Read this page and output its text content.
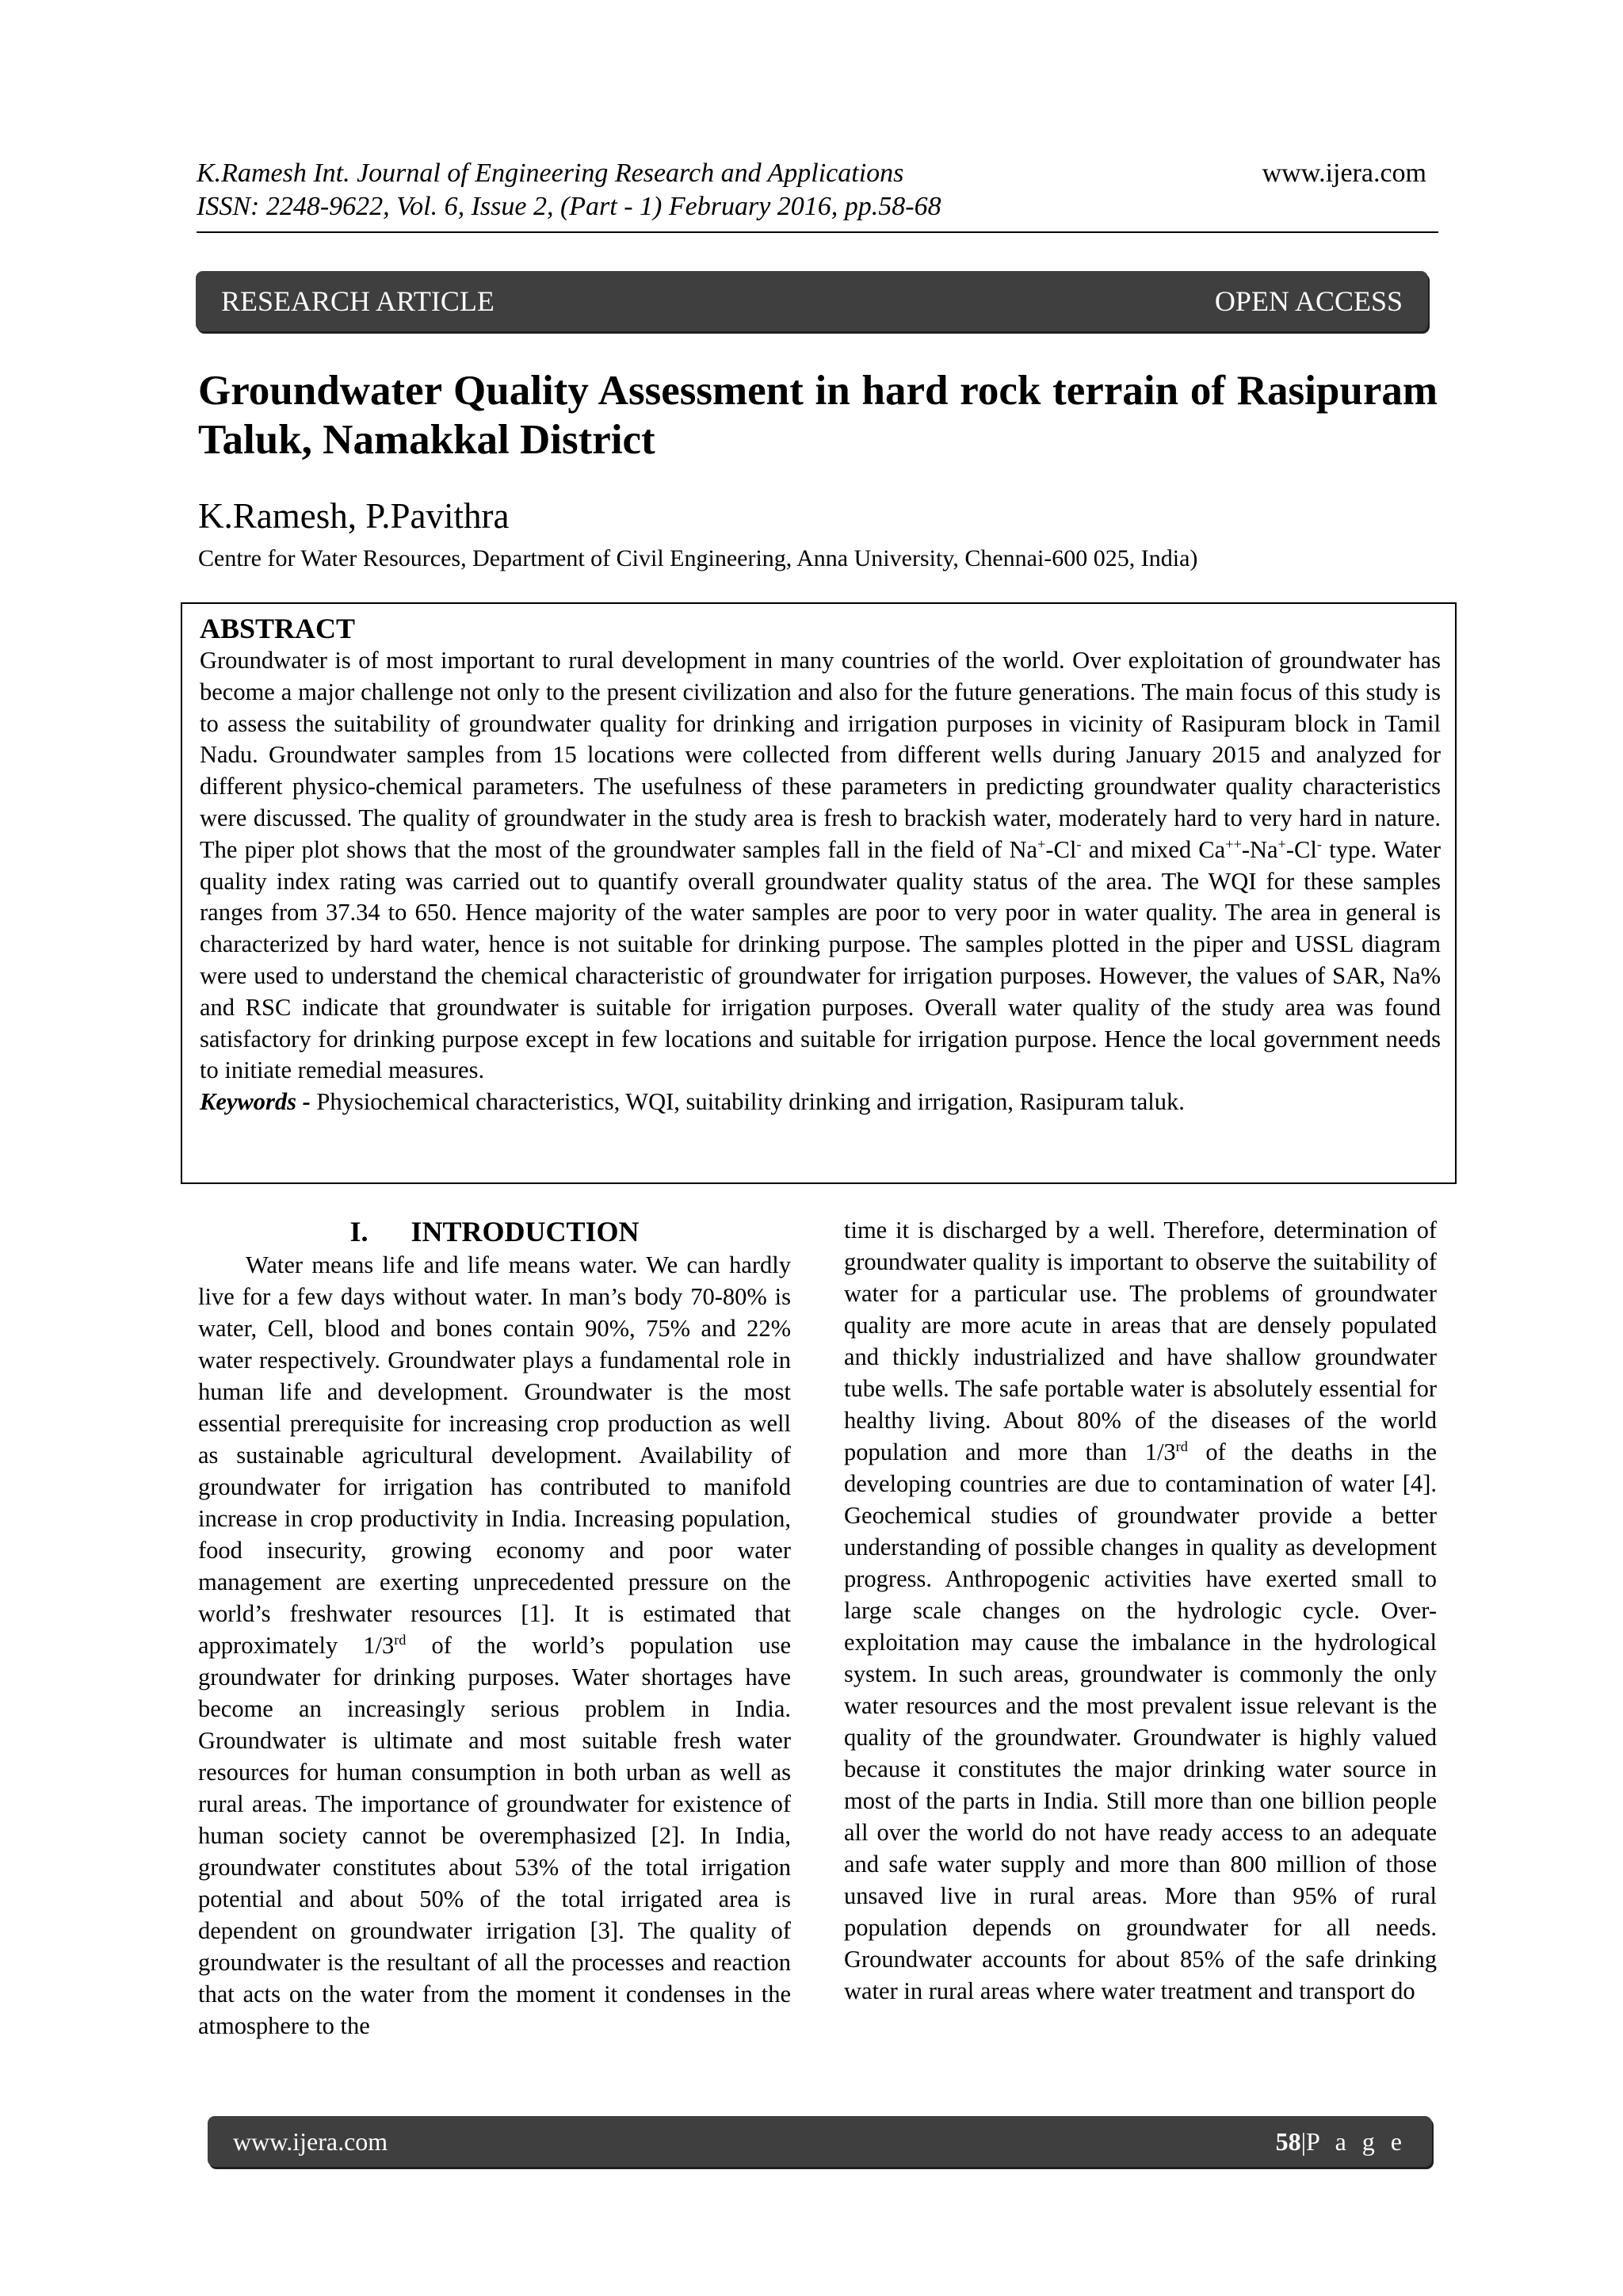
K.Ramesh Int. Journal of Engineering Research and Applications
ISSN: 2248-9622, Vol. 6, Issue 2, (Part - 1) February 2016, pp.58-68
www.ijera.com
RESEARCH ARTICLE	OPEN ACCESS
Groundwater Quality Assessment in hard rock terrain of Rasipuram Taluk, Namakkal District
K.Ramesh, P.Pavithra
Centre for Water Resources, Department of Civil Engineering, Anna University, Chennai-600 025, India)
ABSTRACT
Groundwater is of most important to rural development in many countries of the world. Over exploitation of groundwater has become a major challenge not only to the present civilization and also for the future generations. The main focus of this study is to assess the suitability of groundwater quality for drinking and irrigation purposes in vicinity of Rasipuram block in Tamil Nadu. Groundwater samples from 15 locations were collected from different wells during January 2015 and analyzed for different physico-chemical parameters. The usefulness of these parameters in predicting groundwater quality characteristics were discussed. The quality of groundwater in the study area is fresh to brackish water, moderately hard to very hard in nature. The piper plot shows that the most of the groundwater samples fall in the field of Na+-Cl- and mixed Ca++-Na+-Cl- type. Water quality index rating was carried out to quantify overall groundwater quality status of the area. The WQI for these samples ranges from 37.34 to 650. Hence majority of the water samples are poor to very poor in water quality. The area in general is characterized by hard water, hence is not suitable for drinking purpose. The samples plotted in the piper and USSL diagram were used to understand the chemical characteristic of groundwater for irrigation purposes. However, the values of SAR, Na% and RSC indicate that groundwater is suitable for irrigation purposes. Overall water quality of the study area was found satisfactory for drinking purpose except in few locations and suitable for irrigation purpose. Hence the local government needs to initiate remedial measures.
Keywords - Physiochemical characteristics, WQI, suitability drinking and irrigation, Rasipuram taluk.
I.      INTRODUCTION
Water means life and life means water. We can hardly live for a few days without water. In man’s body 70-80% is water, Cell, blood and bones contain 90%, 75% and 22% water respectively. Groundwater plays a fundamental role in human life and development. Groundwater is the most essential prerequisite for increasing crop production as well as sustainable agricultural development. Availability of groundwater for irrigation has contributed to manifold increase in crop productivity in India. Increasing population, food insecurity, growing economy and poor water management are exerting unprecedented pressure on the world’s freshwater resources [1]. It is estimated that approximately 1/3rd of the world’s population use groundwater for drinking purposes. Water shortages have become an increasingly serious problem in India. Groundwater is ultimate and most suitable fresh water resources for human consumption in both urban as well as rural areas. The importance of groundwater for existence of human society cannot be overemphasized [2]. In India, groundwater constitutes about 53% of the total irrigation potential and about 50% of the total irrigated area is dependent on groundwater irrigation [3]. The quality of groundwater is the resultant of all the processes and reaction that acts on the water from the moment it condenses in the atmosphere to the
time it is discharged by a well. Therefore, determination of groundwater quality is important to observe the suitability of water for a particular use. The problems of groundwater quality are more acute in areas that are densely populated and thickly industrialized and have shallow groundwater tube wells. The safe portable water is absolutely essential for healthy living. About 80% of the diseases of the world population and more than 1/3rd of the deaths in the developing countries are due to contamination of water [4]. Geochemical studies of groundwater provide a better understanding of possible changes in quality as development progress. Anthropogenic activities have exerted small to large scale changes on the hydrologic cycle. Over-exploitation may cause the imbalance in the hydrological system. In such areas, groundwater is commonly the only water resources and the most prevalent issue relevant is the quality of the groundwater. Groundwater is highly valued because it constitutes the major drinking water source in most of the parts in India. Still more than one billion people all over the world do not have ready access to an adequate and safe water supply and more than 800 million of those unsaved live in rural areas. More than 95% of rural population depends on groundwater for all needs. Groundwater accounts for about 85% of the safe drinking water in rural areas where water treatment and transport do
www.ijera.com	58|P a g e
